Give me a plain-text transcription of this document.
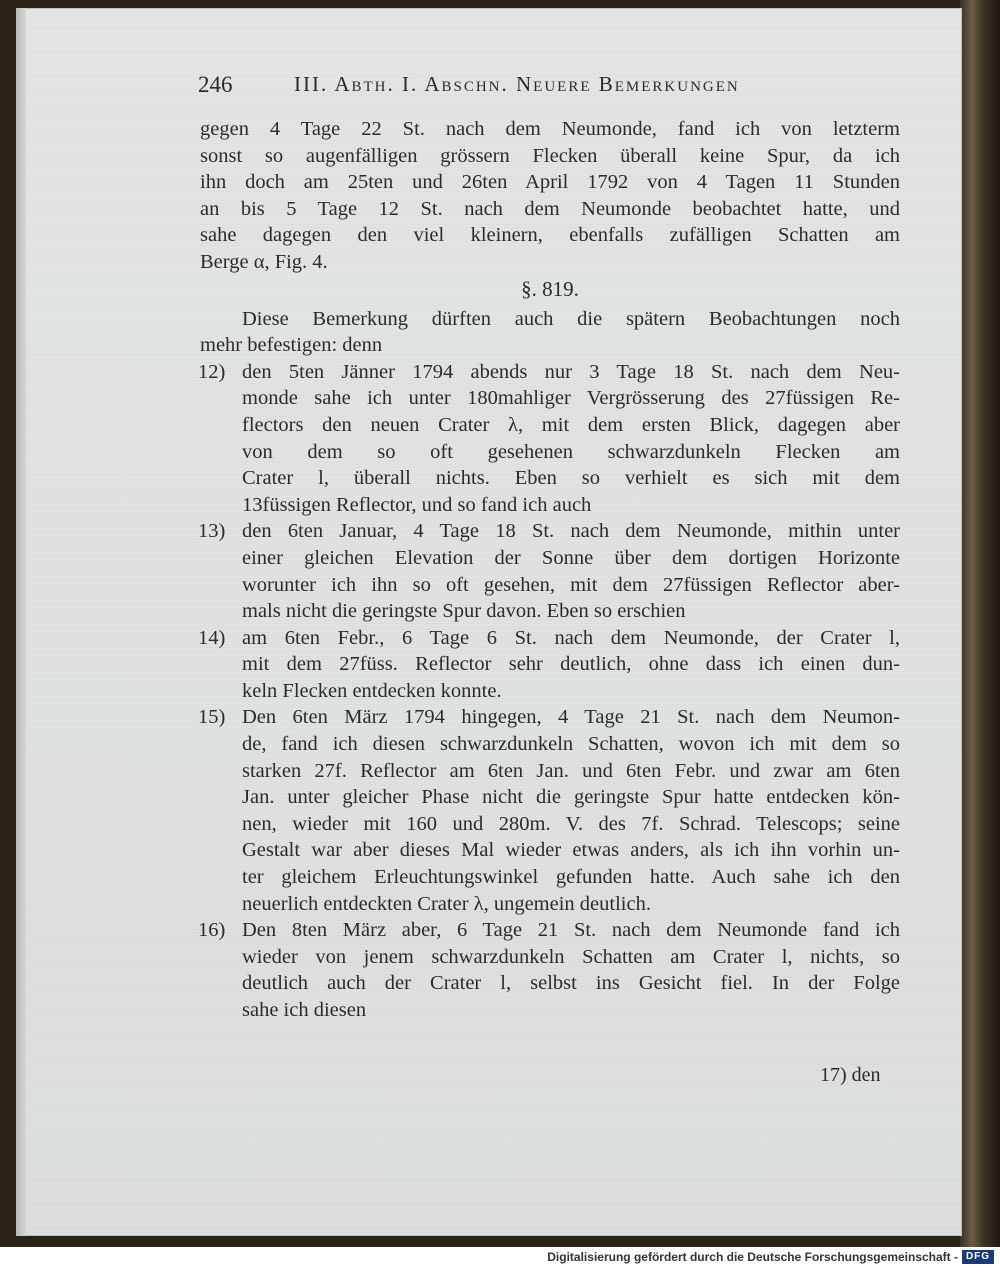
246	III. Abth. I. Abschn. Neuere Bemerkungen
gegen 4 Tage 22 St. nach dem Neumonde, fand ich von letzterm
sonst so augenfälligen grössern Flecken überall keine Spur, da ich
ihn doch am 25ten und 26ten April 1792 von 4 Tagen 11 Stunden
an bis 5 Tage 12 St. nach dem Neumonde beobachtet hatte, und
sahe dagegen den viel kleinern, ebenfalls zufälligen Schatten am
Berge α, Fig. 4.
§. 819.
Diese Bemerkung dürften auch die spätern Beobachtungen noch
mehr befestigen: denn
12) den 5ten Jänner 1794 abends nur 3 Tage 18 St. nach dem Neu-
monde sahe ich unter 180mahliger Vergrösserung des 27füssigen Re-
flectors den neuen Crater λ, mit dem ersten Blick, dagegen aber
von dem so oft gesehenen schwarzdunkeln Flecken am
Crater l, überall nichts. Eben so verhielt es sich mit dem
13füssigen Reflector, und so fand ich auch
13) den 6ten Januar, 4 Tage 18 St. nach dem Neumonde, mithin unter
einer gleichen Elevation der Sonne über dem dortigen Horizonte
worunter ich ihn so oft gesehen, mit dem 27füssigen Reflector aber-
mals nicht die geringste Spur davon. Eben so erschien
14) am 6ten Febr., 6 Tage 6 St. nach dem Neumonde, der Crater l,
mit dem 27füss. Reflector sehr deutlich, ohne dass ich einen dun-
keln Flecken entdecken konnte.
15) Den 6ten März 1794 hingegen, 4 Tage 21 St. nach dem Neumon-
de, fand ich diesen schwarzdunkeln Schatten, wovon ich mit dem so
starken 27f. Reflector am 6ten Jan. und 6ten Febr. und zwar am 6ten
Jan. unter gleicher Phase nicht die geringste Spur hatte entdecken kön-
nen, wieder mit 160 und 280m. V. des 7f. Schrad. Telescops; seine
Gestalt war aber dieses Mal wieder etwas anders, als ich ihn vorhin un-
ter gleichem Erleuchtungswinkel gefunden hatte. Auch sahe ich den
neuerlich entdeckten Crater λ, ungemein deutlich.
16) Den 8ten März aber, 6 Tage 21 St. nach dem Neumonde fand ich
wieder von jenem schwarzdunkeln Schatten am Crater l, nichts, so
deutlich auch der Crater l, selbst ins Gesicht fiel. In der Folge
sahe ich diesen
17) den
Digitalisierung gefördert durch die Deutsche Forschungsgemeinschaft - DFG
